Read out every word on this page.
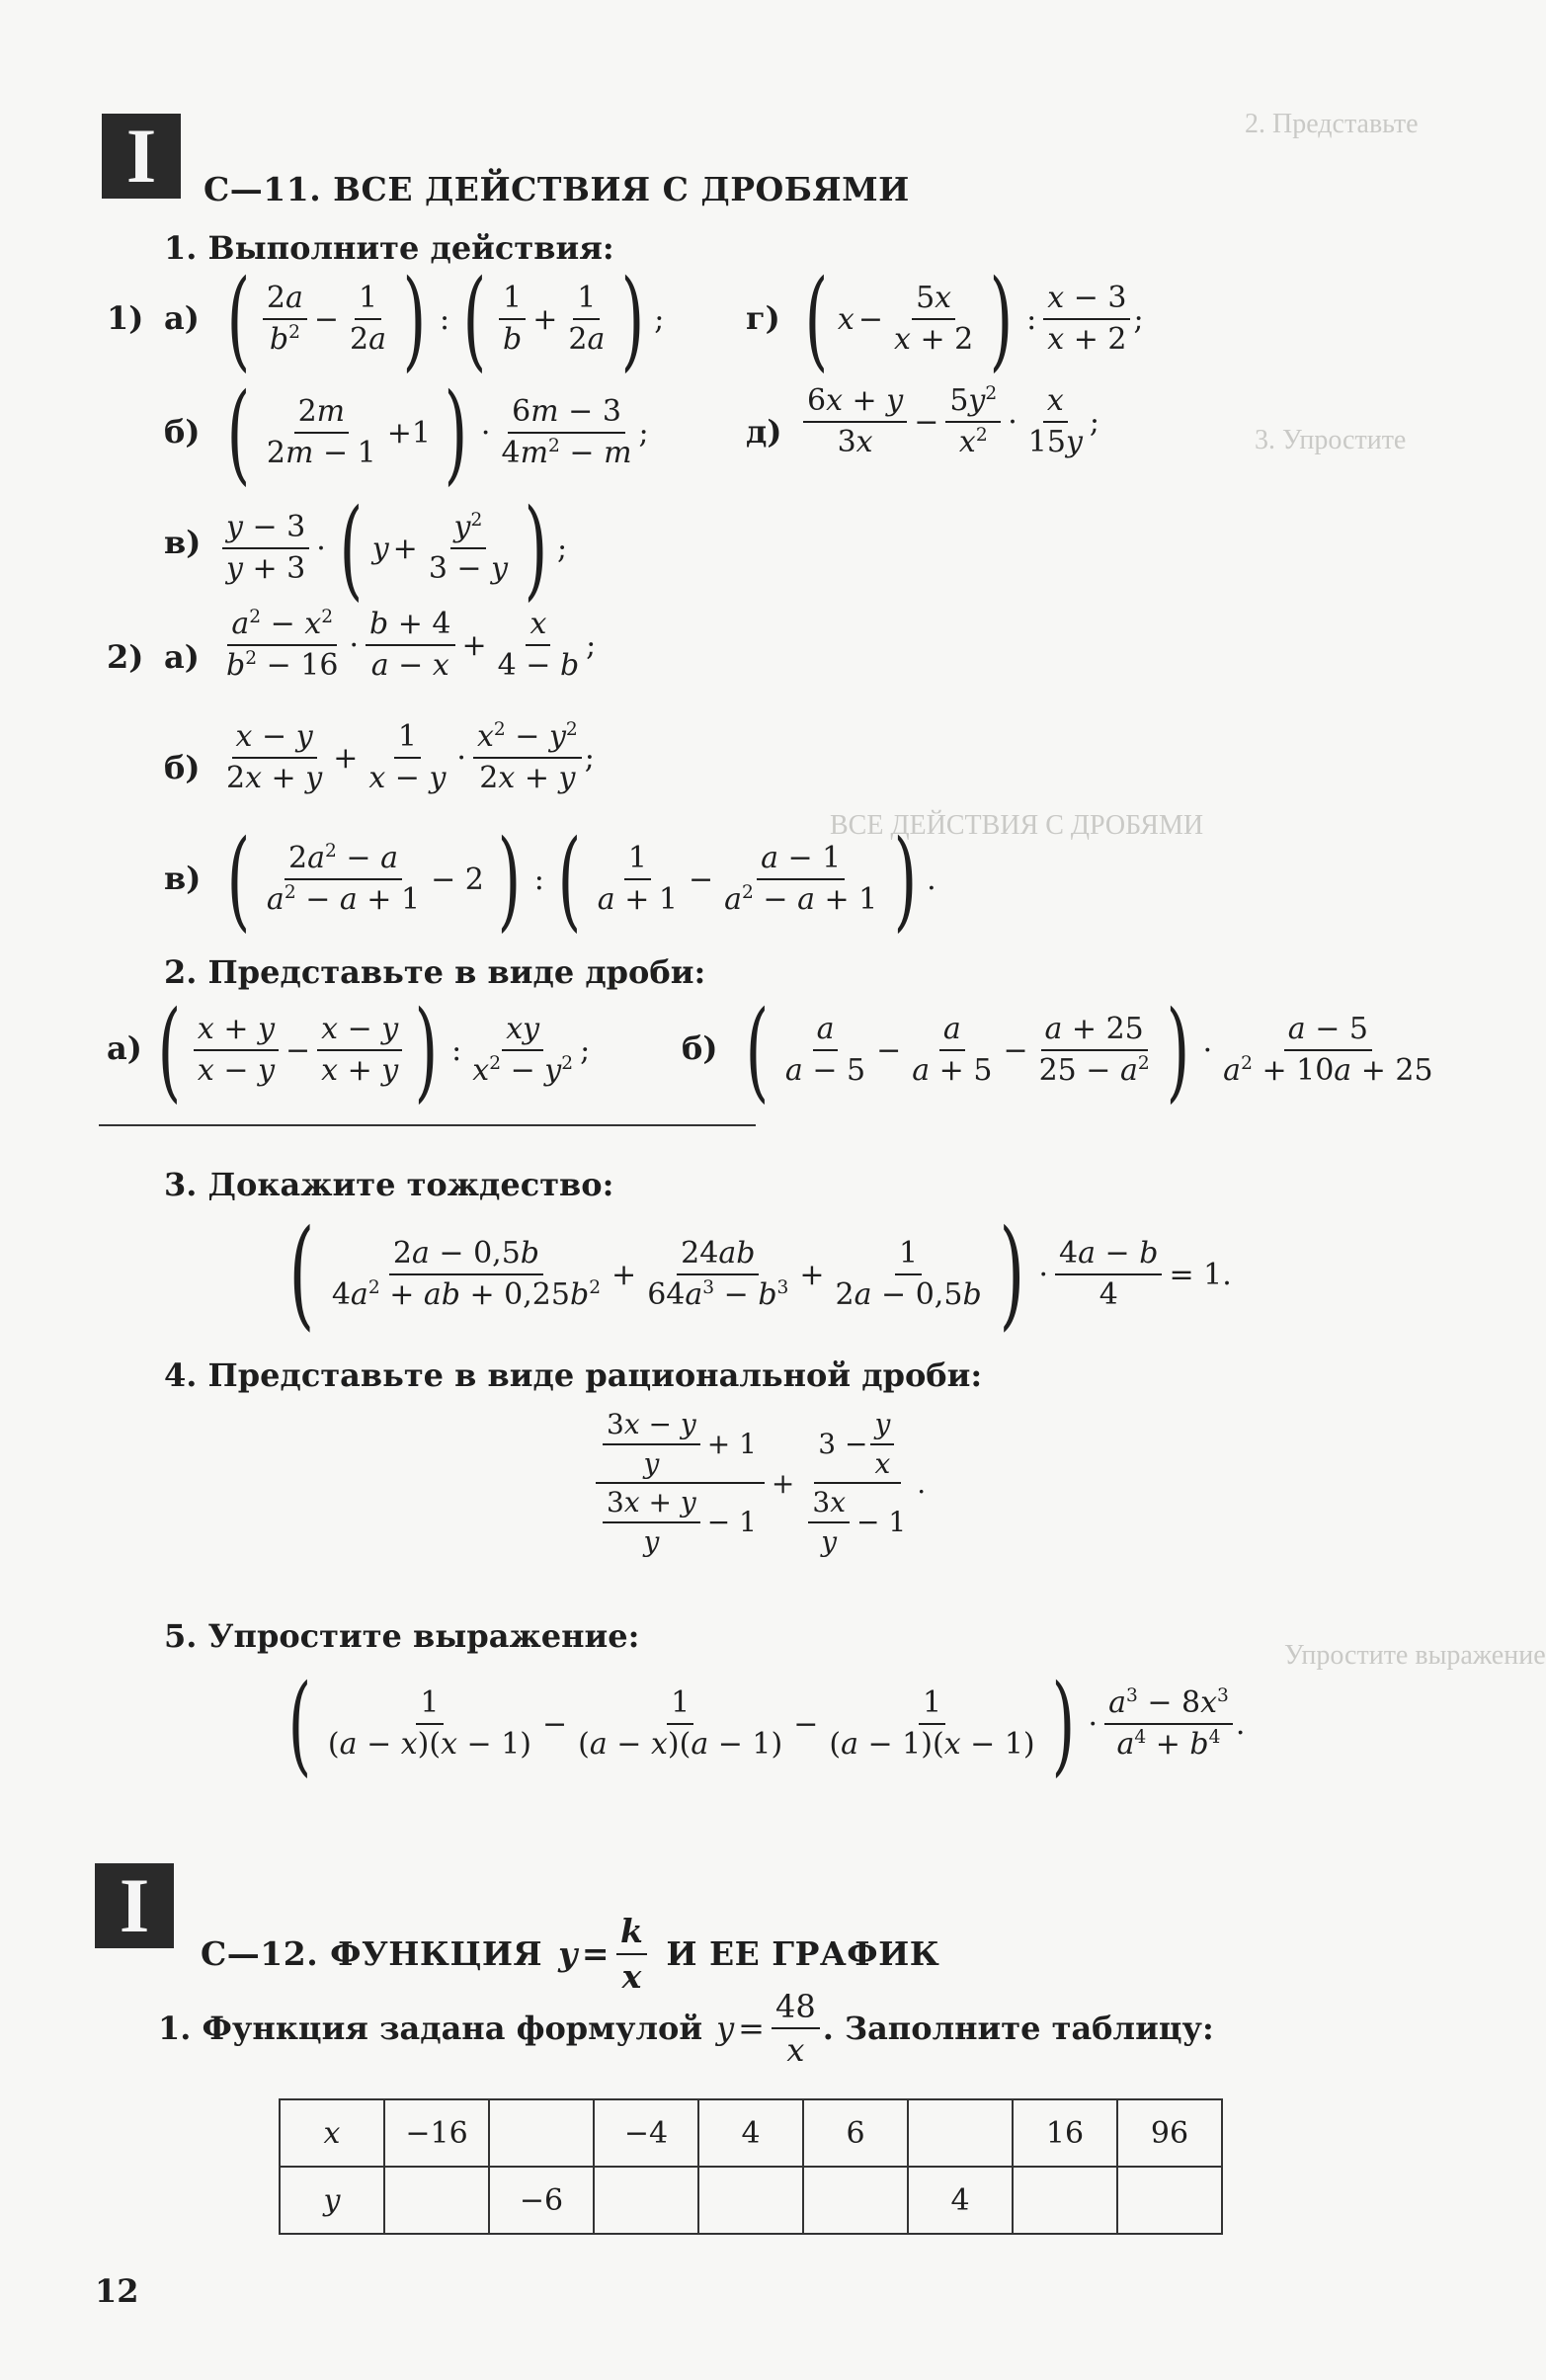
2. Представьте
3. Упростите
ВСЕ ДЕЙСТВИЯ С ДРОБЯМИ
Упростите выражение
I	С—11. ВСЕ ДЕЙСТВИЯ С ДРОБЯМИ
1. Выполните действия:
1) а) ( 2a
$b^2 - \frac{1}{2a}$ ) : ( 1
b
+ $\frac{1}{2a}$ ) ;	г) ( $x - \frac{5x}{x + 2}$ ) :
x − 3
x + 2
;
б) ( 2m
2m − 1
+1 ) ·
6m − 3
$4m^2 - m$
;	д)
6x + y
3x
− $\frac{5y^2}{x^2}$ ·
x
15y
;
в) y − 3
y + 3
· ( $y + \frac{y^2}{3 - y}$ ) ;
2) а)
$a^2 - x^2$
$b^2 - 16$
·
b + 4
a − x
+ $\frac{x}{4 - b}$ ;
б)
x − y
2x + y
+ $\frac{1}{x - y}$ ·
$x^2 - y^2$
2x + y
;
в) ( $2a^2 - a$
$a^2 - a + 1$
− 2 ) : ( 1
a + 1
− $\frac{a - 1}{a^2 - a + 1}$ ) .
2. Представьте в виде дроби:
а) ( x + y
x − y
− $\frac{x - y}{x + y}$ ) :
xy
$x^2 - y^2$ ;	б) ( a
a − 5
− $\frac{a}{a + 5} - \frac{a + 25}{25 - a^2}$ ) ·
a − 5
$a^2 + 10a + 25$
3. Докажите тождество:
(	2a − 0,5b
$4a^2$ + ab + $0,25b^2 + \frac{24ab}{64a^3 - b^3} + \frac{1}{2a - 0,5b}$ ) · $\frac{4a - b}{4} = 1$.
4. Представьте в виде рациональной дроби:
3x − y
y
+ 1
3x + y
y
− 1
+ $3 - \frac{y}{x}$
3x
y
− 1 .
5. Упростите выражение:
(	1
(a − x)(x − 1)
− $\frac{1}{(a - x)(a - 1)} - \frac{1}{(a - 1)(x - 1)}$ ) ·
$a^3 - 8x^3$
$a^4 + b^4$ .
I
С—12. ФУНКЦИЯ $y = \frac{k}{x}$ И ЕЕ ГРАФИК
1. Функция задана формулой $y = \frac{48}{x}$ . Заполните таблицу:
x	−16		−4	4	6		16	96
y		−6				4		
12
